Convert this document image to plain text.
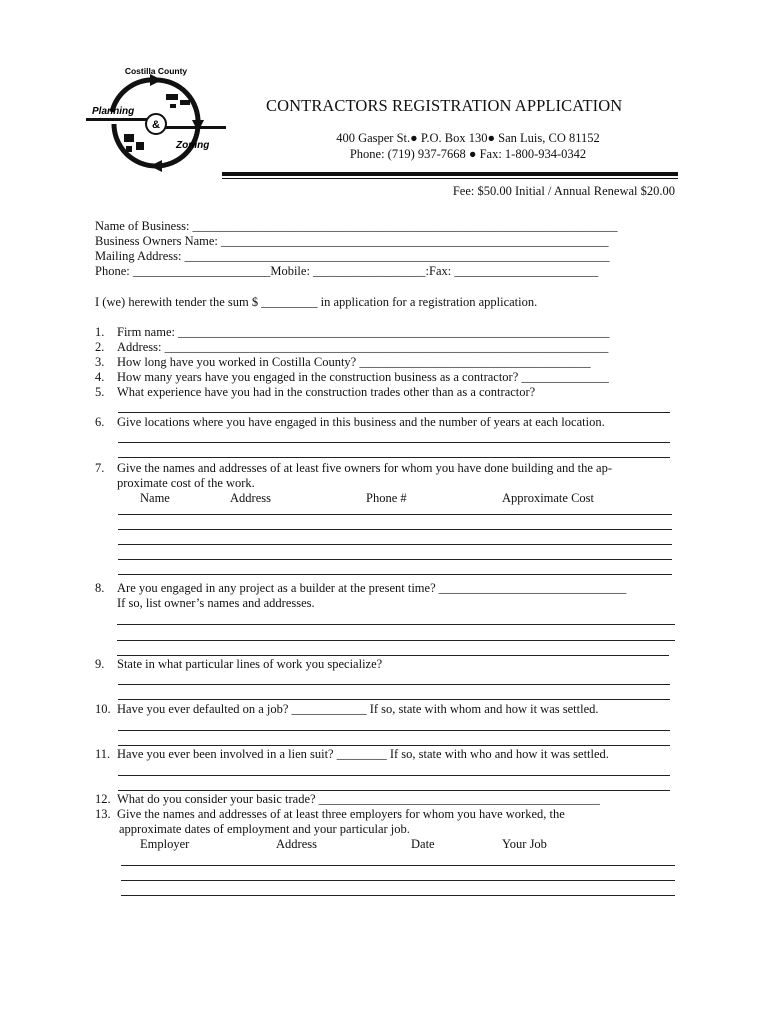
Costilla County
&
Planning
Zoning
CONTRACTORS REGISTRATION APPLICATION
400 Gasper St.● P.O. Box 130● San Luis, CO 81152
Phone: (719) 937-7668 ● Fax: 1-800-934-0342
Fee: $50.00 Initial / Annual Renewal $20.00
Name of Business: ____________________________________________________________________
Business Owners Name: ______________________________________________________________
Mailing Address: ____________________________________________________________________
Phone: ______________________Mobile: __________________:Fax: _______________________
I (we) herewith tender the sum $ _________ in application for a registration application.
1. Firm name: _____________________________________________________________________
2. Address: _______________________________________________________________________
3. How long have you worked in Costilla County? _____________________________________
4. How many years have you engaged in the construction business as a contractor? ______________
5. What experience have you had in the construction trades other than as a contractor?
6. Give locations where you have engaged in this business and the number of years at each location.
7. Give the names and addresses of at least five owners for whom you have done building and the ap-
proximate cost of the work.
Name	Address	Phone #	Approximate Cost
8. Are you engaged in any project as a builder at the present time? ______________________________
If so, list owner’s names and addresses.
9. State in what particular lines of work you specialize?
10. Have you ever defaulted on a job? ____________ If so, state with whom and how it was settled.
11. Have you ever been involved in a lien suit? ________ If so, state with who and how it was settled.
12. What do you consider your basic trade? _____________________________________________
13. Give the names and addresses of at least three employers for whom you have worked, the
approximate dates of employment and your particular job.
Employer	Address	Date	Your Job
